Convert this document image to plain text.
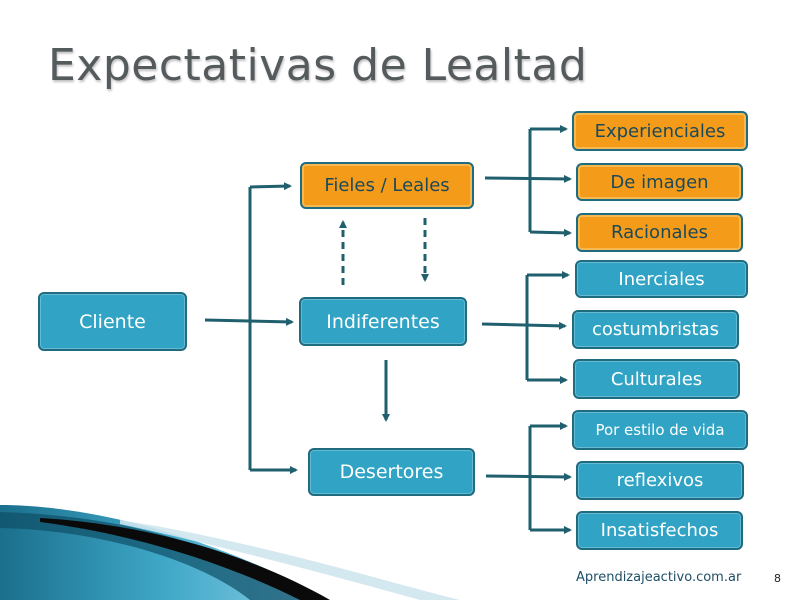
Expectativas de Lealtad
Cliente
Fieles / Leales
Indiferentes
Desertores
Experienciales
De imagen
Racionales
Inerciales
costumbristas
Culturales
Por estilo de vida
reflexivos
Insatisfechos
Aprendizajeactivo.com.ar	8
